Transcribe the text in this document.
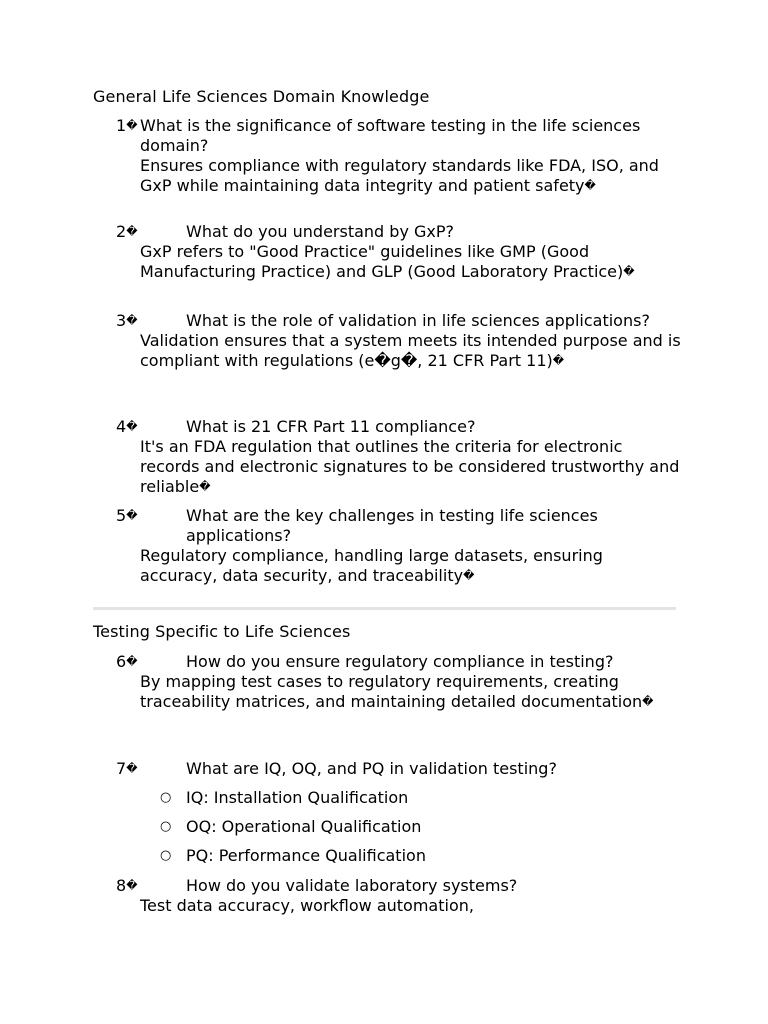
General Life Sciences Domain Knowledge
1� What is the significance of software testing in the life sciences domain?
Ensures compliance with regulatory standards like FDA, ISO, and GxP while maintaining data integrity and patient safety�
2�	What do you understand by GxP?
GxP refers to "Good Practice" guidelines like GMP (Good Manufacturing Practice) and GLP (Good Laboratory Practice)�
3�	What is the role of validation in life sciences applications?
Validation ensures that a system meets its intended purpose and is compliant with regulations (e�g�, 21 CFR Part 11)�
4�	What is 21 CFR Part 11 compliance?
It's an FDA regulation that outlines the criteria for electronic records and electronic signatures to be considered trustworthy and reliable�
5�	What are the key challenges in testing life sciences applications?
Regulatory compliance, handling large datasets, ensuring accuracy, data security, and traceability�
Testing Specific to Life Sciences
6�	How do you ensure regulatory compliance in testing?
By mapping test cases to regulatory requirements, creating traceability matrices, and maintaining detailed documentation�
7�	What are IQ, OQ, and PQ in validation testing?
○ IQ: Installation Qualification
○ OQ: Operational Qualification
○ PQ: Performance Qualification
8�	How do you validate laboratory systems?
Test data accuracy, workflow automation,
